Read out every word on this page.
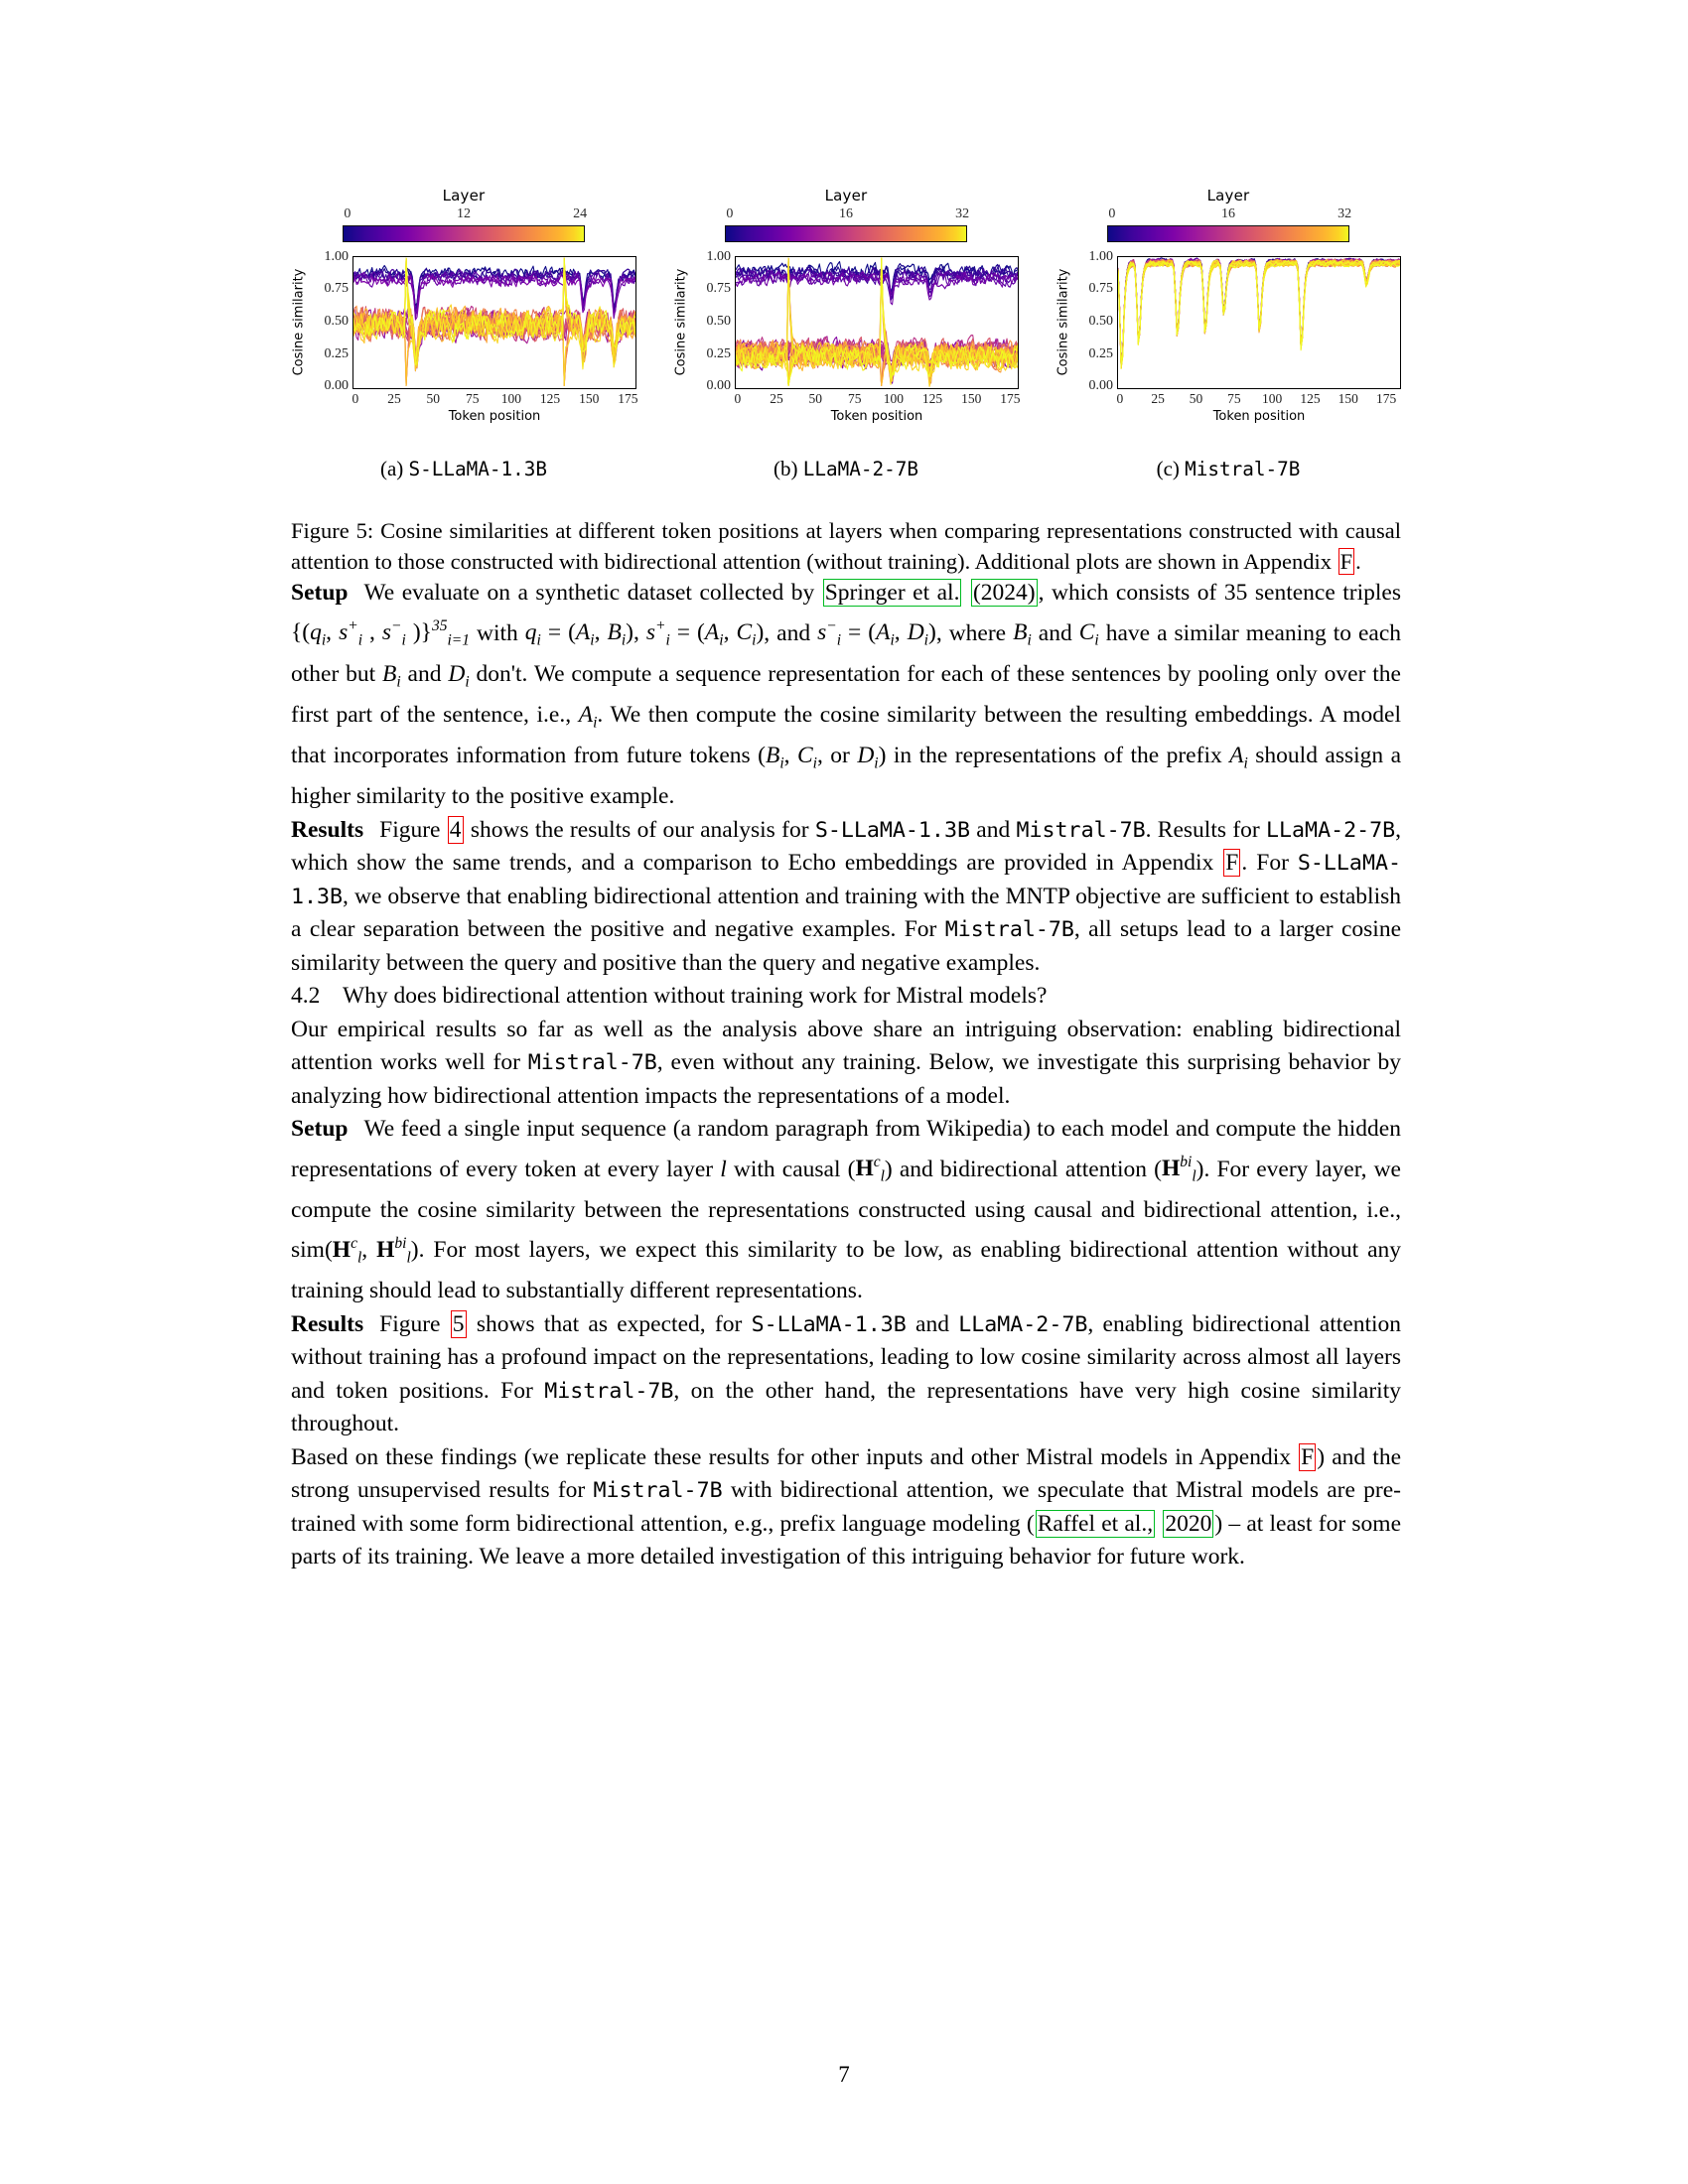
Layer
0	12	24
Cosine similarity
1.00
0.75
0.50
0.25
0.00
0 25 50 75 100 125 150 175
Token position
(a) S-LLaMA-1.3B
Layer
0	16	32
Cosine similarity
1.00
0.75
0.50
0.25
0.00
0 25 50 75 100 125 150 175
Token position
(b) LLaMA-2-7B
Layer
0	16	32
Cosine similarity
1.00
0.75
0.50
0.25
0.00
0 25 50 75 100 125 150 175
Token position
(c) Mistral-7B
Figure 5: Cosine similarities at different token positions at layers when comparing representations constructed with causal attention to those constructed with bidirectional attention (without training). Additional plots are shown in Appendix F .

Setup We evaluate on a synthetic dataset collected by Springer et al. (2024) , which consists of 35 sentence triples {($q_i$, $s^+_i$ , $s^-_i$ )}$^{35}_{i=1}$ with $q_i = (A_i$, $B_i$), $s^+_i = (A_i$, $C_i$), and $s^-_i = (A_i$, $D_i$), where $B_i$ and $C_i$ have a similar meaning to each other but $B_i$ and $D_i$ don't. We compute a sequence representation for each of these sentences by pooling only over the first part of the sentence, i.e., $A_i$. We then compute the cosine similarity between the resulting embeddings. A model that incorporates information from future tokens ($B_i$, $C_i$, or $D_i$) in the representations of the prefix $A_i$ should assign a higher similarity to the positive example.

Results Figure 4 shows the results of our analysis for S-LLaMA-1.3B and Mistral-7B. Results for LLaMA-2-7B, which show the same trends, and a comparison to Echo embeddings are provided in Appendix F . For S-LLaMA-1.3B, we observe that enabling bidirectional attention and training with the MNTP objective are sufficient to establish a clear separation between the positive and negative examples. For Mistral-7B, all setups lead to a larger cosine similarity between the query and positive than the query and negative examples.

4.2 Why does bidirectional attention without training work for Mistral models?

Our empirical results so far as well as the analysis above share an intriguing observation: enabling bidirectional attention works well for Mistral-7B, even without any training. Below, we investigate this surprising behavior by analyzing how bidirectional attention impacts the representations of a model.

Setup We feed a single input sequence (a random paragraph from Wikipedia) to each model and compute the hidden representations of every token at every layer l with causal $(H^c_l)$ and bidirectional attention $(H^{bi}_l)$. For every layer, we compute the cosine similarity between the representations constructed using causal and bidirectional attention, i.e., $sim(H^c_l$, $H^{bi}_l$). For most layers, we expect this similarity to be low, as enabling bidirectional attention without any training should lead to substantially different representations.

Results Figure 5 shows that as expected, for S-LLaMA-1.3B and LLaMA-2-7B, enabling bidirectional attention without training has a profound impact on the representations, leading to low cosine similarity across almost all layers and token positions. For Mistral-7B, on the other hand, the representations have very high cosine similarity throughout.

Based on these findings (we replicate these results for other inputs and other Mistral models in Appendix F ) and the strong unsupervised results for Mistral-7B with bidirectional attention, we speculate that Mistral models are pre-trained with some form bidirectional attention, e.g., prefix language modeling ( Raffel et al., 2020 ) – at least for some parts of its training. We leave a more detailed investigation of this intriguing behavior for future work.

7
